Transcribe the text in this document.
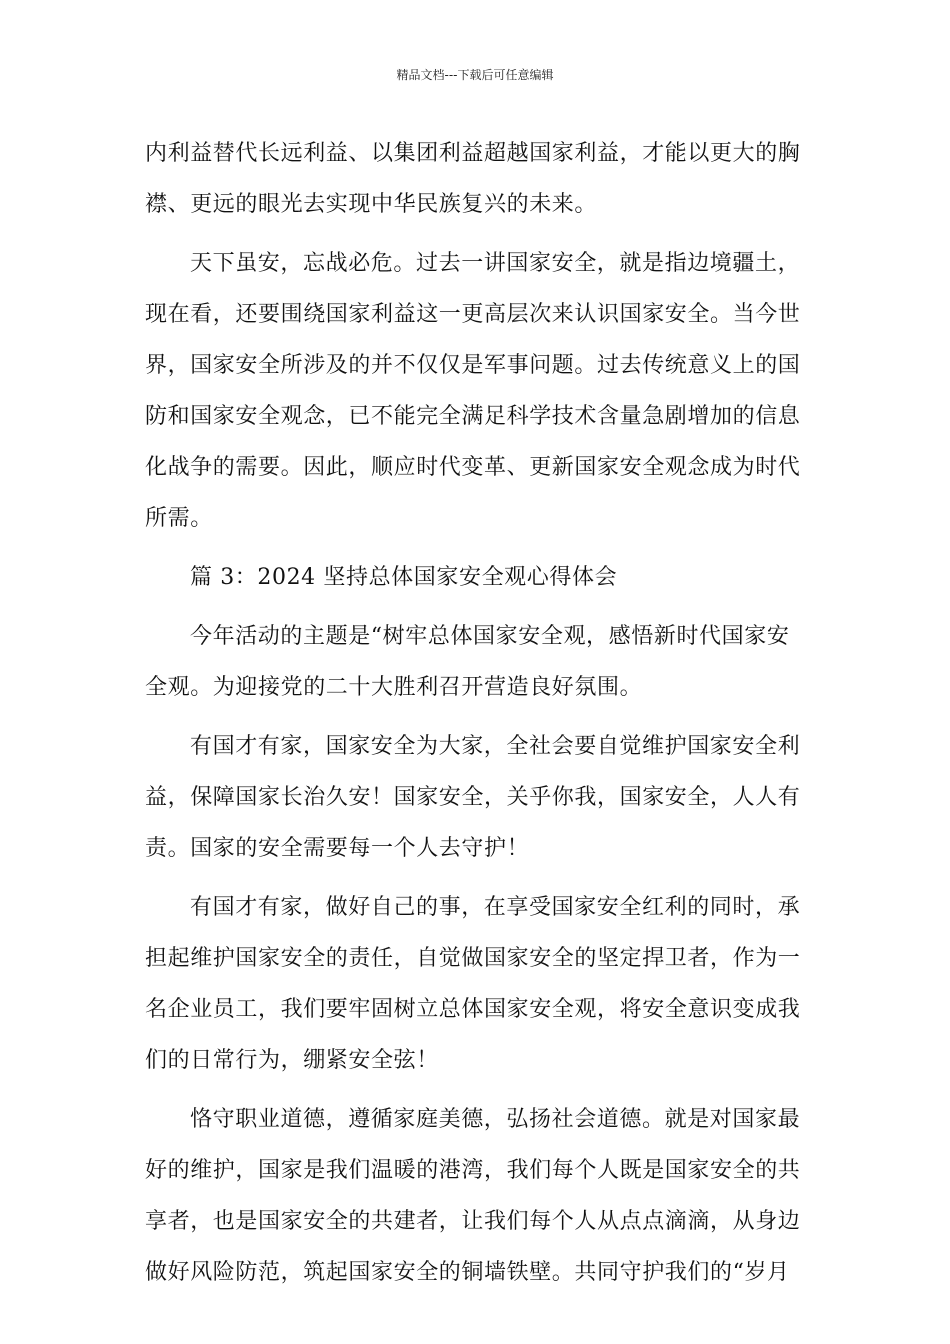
精品文档---下载后可任意编辑

内利益替代长远利益、以集团利益超越国家利益，才能以更大的胸
襟、更远的眼光去实现中华民族复兴的未来。

天下虽安，忘战必危。过去一讲国家安全，就是指边境疆土，
现在看，还要围绕国家利益这一更高层次来认识国家安全。当今世
界，国家安全所涉及的并不仅仅是军事问题。过去传统意义上的国
防和国家安全观念，已不能完全满足科学技术含量急剧增加的信息
化战争的需要。因此，顺应时代变革、更新国家安全观念成为时代
所需。

篇 3：2024 坚持总体国家安全观心得体会

今年活动的主题是“树牢总体国家安全观，感悟新时代国家安
全观。为迎接党的二十大胜利召开营造良好氛围。

有国才有家，国家安全为大家，全社会要自觉维护国家安全利
益，保障国家长治久安！国家安全，关乎你我，国家安全，人人有
责。国家的安全需要每一个人去守护！

有国才有家，做好自己的事，在享受国家安全红利的同时，承
担起维护国家安全的责任，自觉做国家安全的坚定捍卫者，作为一
名企业员工，我们要牢固树立总体国家安全观，将安全意识变成我
们的日常行为，绷紧安全弦！

恪守职业道德，遵循家庭美德，弘扬社会道德。就是对国家最
好的维护，国家是我们温暖的港湾，我们每个人既是国家安全的共
享者，也是国家安全的共建者，让我们每个人从点点滴滴，从身边
做好风险防范，筑起国家安全的铜墙铁壁。共同守护我们的“岁月
